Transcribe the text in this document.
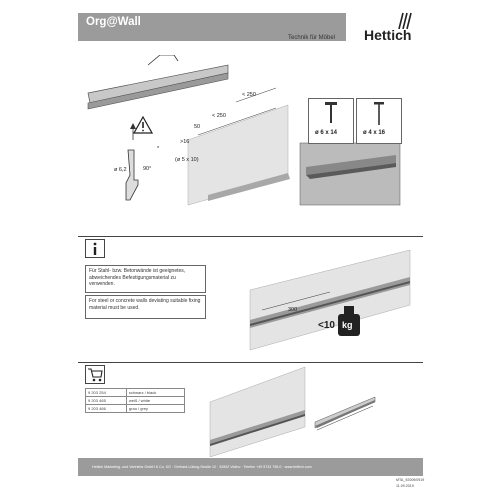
Org@Wall
Technik für Möbel Hettich
< 250
< 250
50
>16
(ø 5 x 10)
ø 6,2	90°
*
ø 6 x 14	ø 4 x 16
Für Stahl- bzw. Betonwände ist geeignetes, abweichendes Befestigungsmaterial zu verwenden.
For steel or concrete walls deviating suitable fixing material must be used.	300
<10 kg
9 203 254	schwarz / black
9 203 465	weiß / white
9 203 466	grau / grey
Hettich Marketing- und Vertriebs GmbH & Co. KG · Gerhard-Lüking-Straße 10 · 32602 Vlotho · Telefon +49 5733 798-0 · www.hettich.com
MTA_92009/0919
11.09.2019
